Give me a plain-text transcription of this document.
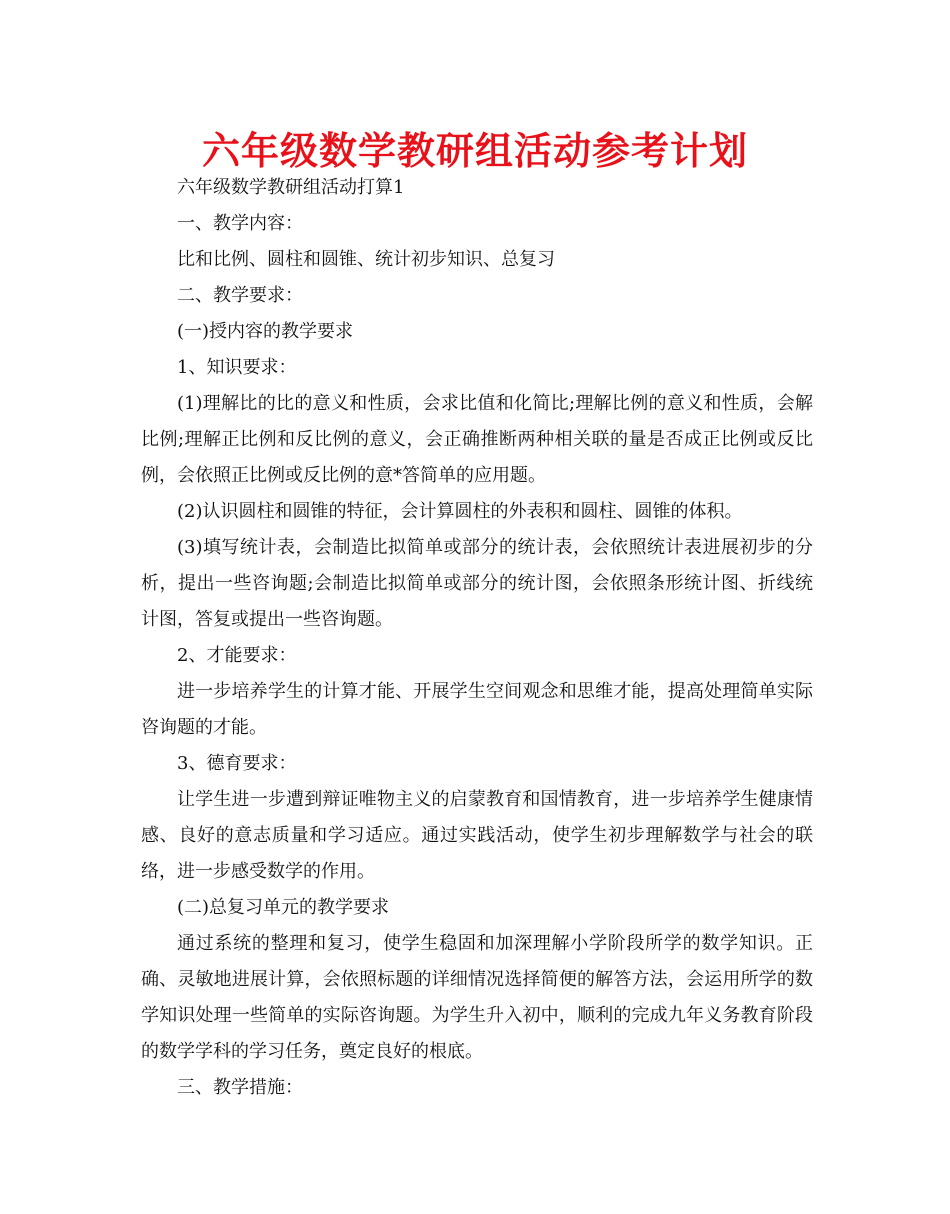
六年级数学教研组活动参考计划

六年级数学教研组活动打算1

一、教学内容：

比和比例、圆柱和圆锥、统计初步知识、总复习

二、教学要求：

(一)授内容的教学要求

1、知识要求：

(1)理解比的比的意义和性质，会求比值和化简比;理解比例的意义和性质，会解比例;理解正比例和反比例的意义，会正确推断两种相关联的量是否成正比例或反比例，会依照正比例或反比例的意*答简单的应用题。

(2)认识圆柱和圆锥的特征，会计算圆柱的外表积和圆柱、圆锥的体积。

(3)填写统计表，会制造比拟简单或部分的统计表，会依照统计表进展初步的分析，提出一些咨询题;会制造比拟简单或部分的统计图，会依照条形统计图、折线统计图，答复或提出一些咨询题。

2、才能要求：

进一步培养学生的计算才能、开展学生空间观念和思维才能，提高处理简单实际咨询题的才能。

3、德育要求：

让学生进一步遭到辩证唯物主义的启蒙教育和国情教育，进一步培养学生健康情感、良好的意志质量和学习适应。通过实践活动，使学生初步理解数学与社会的联络，进一步感受数学的作用。

(二)总复习单元的教学要求

通过系统的整理和复习，使学生稳固和加深理解小学阶段所学的数学知识。正确、灵敏地进展计算，会依照标题的详细情况选择简便的解答方法，会运用所学的数学知识处理一些简单的实际咨询题。为学生升入初中，顺利的完成九年义务教育阶段的数学学科的学习任务，奠定良好的根底。

三、教学措施：
